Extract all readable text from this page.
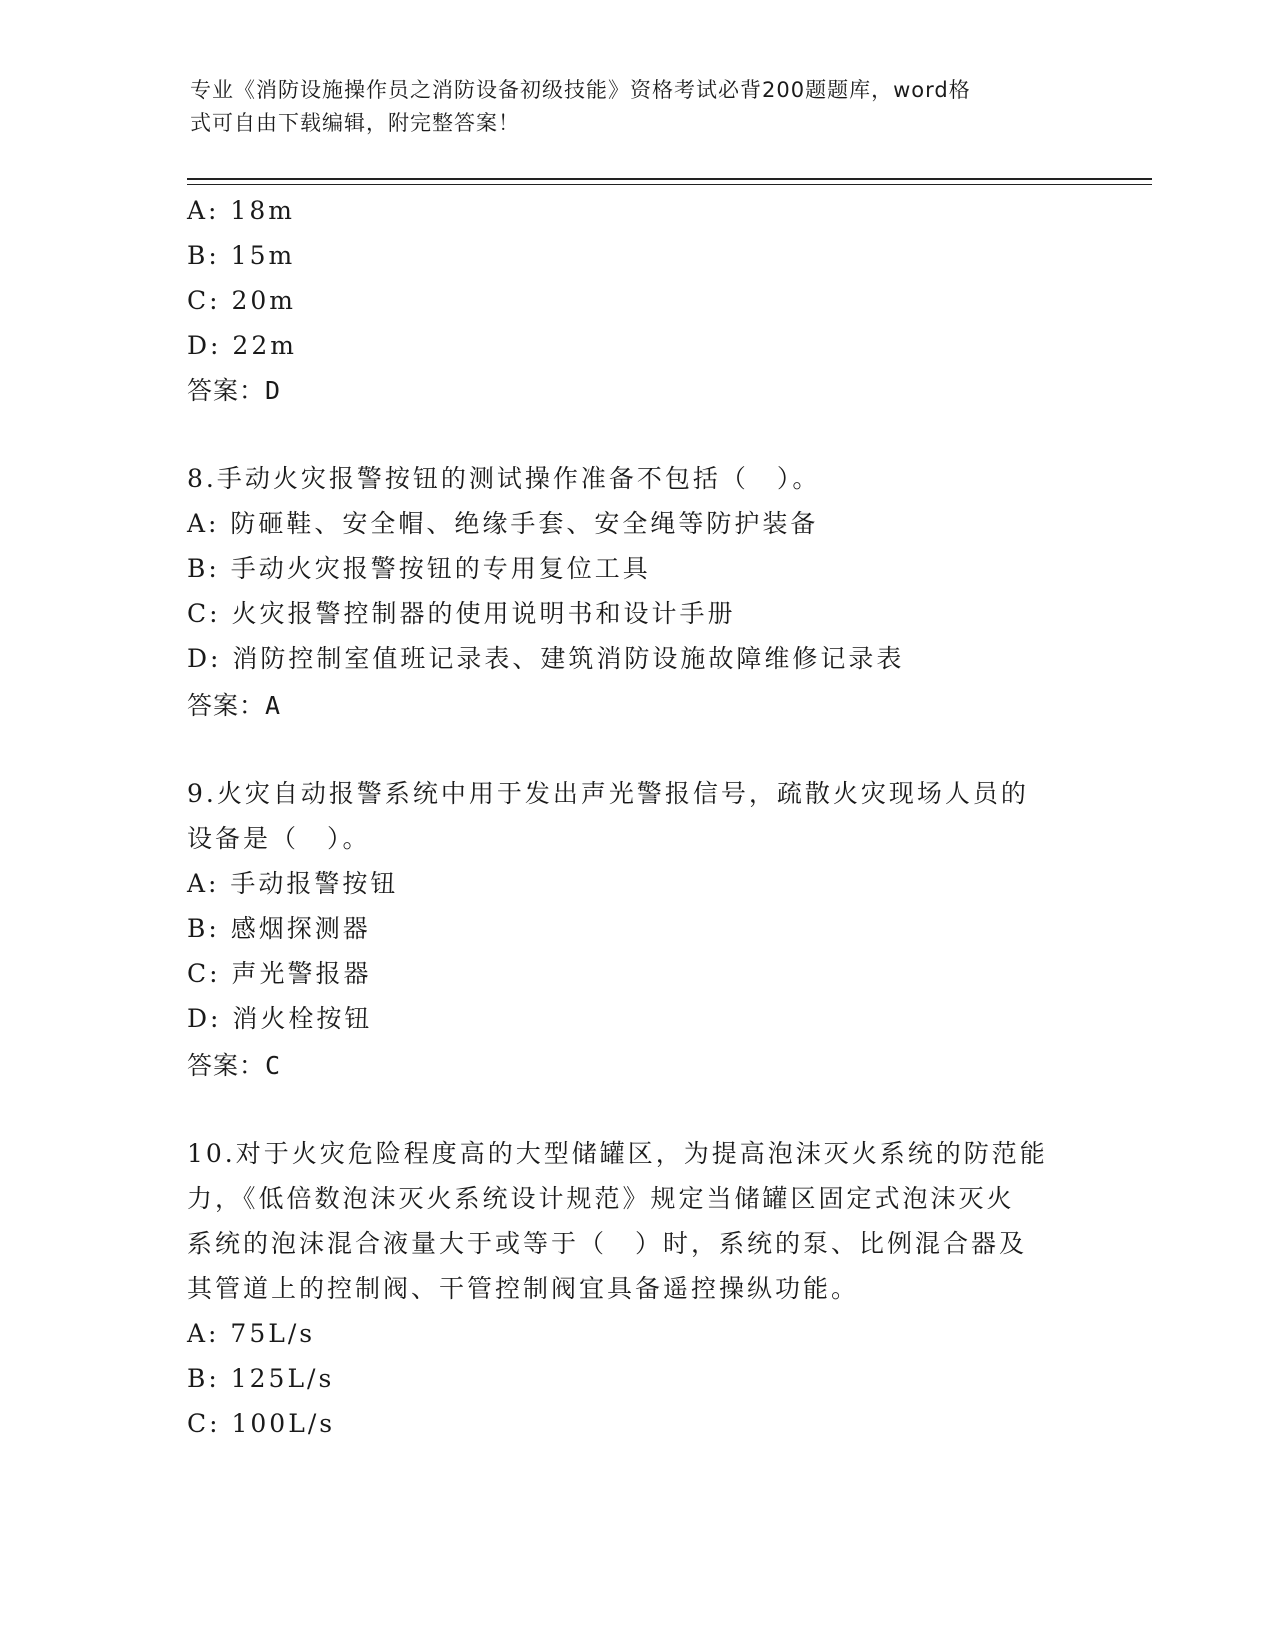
专业《消防设施操作员之消防设备初级技能》资格考试必背200题题库，word格
式可自由下载编辑，附完整答案！
A: 18m
B: 15m
C: 20m
D: 22m
答案：D
8.手动火灾报警按钮的测试操作准备不包括（　）。
A: 防砸鞋、安全帽、绝缘手套、安全绳等防护装备
B: 手动火灾报警按钮的专用复位工具
C: 火灾报警控制器的使用说明书和设计手册
D: 消防控制室值班记录表、建筑消防设施故障维修记录表
答案：A
9.火灾自动报警系统中用于发出声光警报信号，疏散火灾现场人员的
设备是（　）。
A: 手动报警按钮
B: 感烟探测器
C: 声光警报器
D: 消火栓按钮
答案：C
10.对于火灾危险程度高的大型储罐区，为提高泡沫灭火系统的防范能
力，《低倍数泡沫灭火系统设计规范》规定当储罐区固定式泡沫灭火
系统的泡沫混合液量大于或等于（　）时，系统的泵、比例混合器及
其管道上的控制阀、干管控制阀宜具备遥控操纵功能。
A: 75L/s
B: 125L/s
C: 100L/s
